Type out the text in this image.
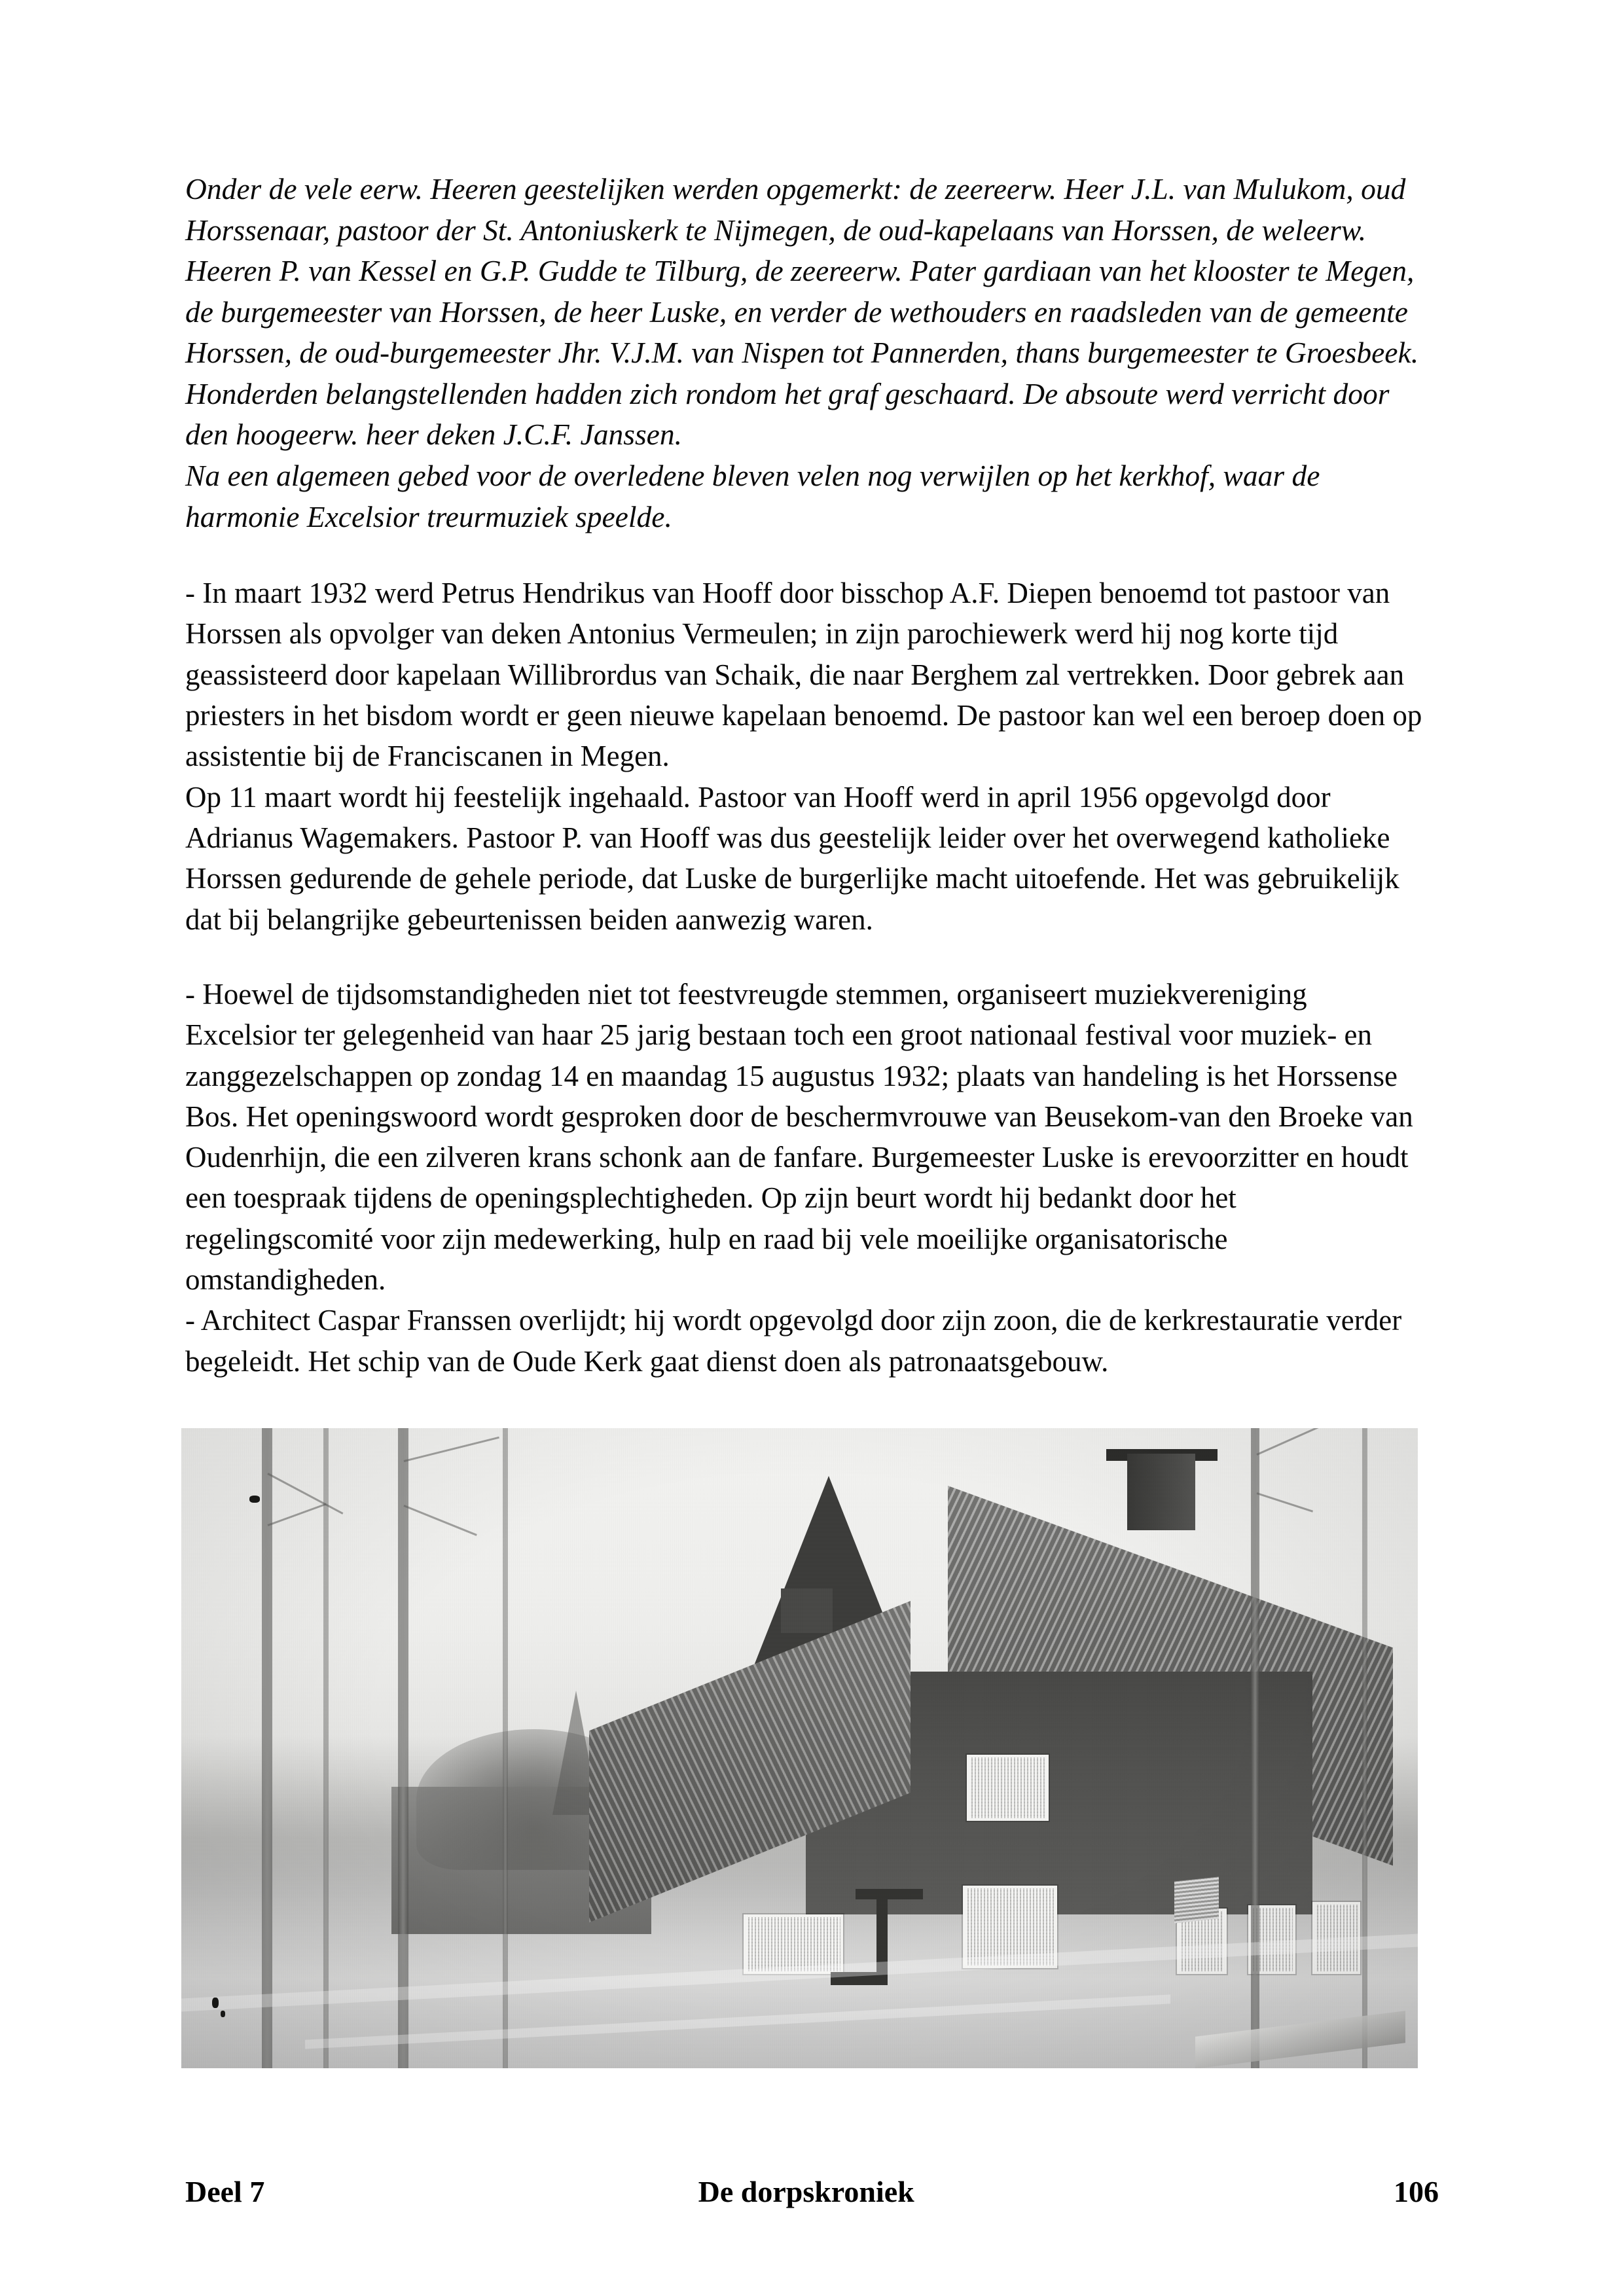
Onder de vele eerw. Heeren geestelijken werden opgemerkt: de zeereerw. Heer J.L. van Mulukom, oud Horssenaar, pastoor der St. Antoniuskerk te Nijmegen, de oud-kapelaans van Horssen, de weleerw. Heeren P. van Kessel en G.P. Gudde te Tilburg, de zeereerw. Pater gardiaan van het klooster te Megen, de burgemeester van Horssen, de heer Luske, en verder de wethouders en raadsleden van de gemeente Horssen, de oud-burgemeester Jhr. V.J.M. van Nispen tot Pannerden, thans burgemeester te Groesbeek.

Honderden belangstellenden hadden zich rondom het graf geschaard. De absoute werd verricht door den hoogeerw. heer deken J.C.F. Janssen.

Na een algemeen gebed voor de overledene bleven velen nog verwijlen op het kerkhof, waar de harmonie Excelsior treurmuziek speelde.

- In maart 1932 werd Petrus Hendrikus van Hooff door bisschop A.F. Diepen benoemd tot pastoor van Horssen als opvolger van deken Antonius Vermeulen; in zijn parochiewerk werd hij nog korte tijd geassisteerd door kapelaan Willibrordus van Schaik, die naar Berghem zal vertrekken. Door gebrek aan priesters in het bisdom wordt er geen nieuwe kapelaan benoemd. De pastoor kan wel een beroep doen op assistentie bij de Franciscanen in Megen.

Op 11 maart wordt hij feestelijk ingehaald. Pastoor van Hooff werd in april 1956 opgevolgd door Adrianus Wagemakers. Pastoor P. van Hooff was dus geestelijk leider over het overwegend katholieke Horssen gedurende de gehele periode, dat Luske de burgerlijke macht uitoefende. Het was gebruikelijk dat bij belangrijke gebeurtenissen beiden aanwezig waren.

- Hoewel de tijdsomstandigheden niet tot feestvreugde stemmen, organiseert muziekvereniging Excelsior ter gelegenheid van haar 25 jarig bestaan toch een groot nationaal festival voor muziek- en zanggezelschappen op zondag 14 en maandag 15 augustus 1932; plaats van handeling is het Horssense Bos. Het openingswoord wordt gesproken door de beschermvrouwe van Beusekom-van den Broeke van Oudenrhijn, die een zilveren krans schonk aan de fanfare. Burgemeester Luske is erevoorzitter en houdt een toespraak tijdens de openingsplechtigheden. Op zijn beurt wordt hij bedankt door het regelingscomité voor zijn medewerking, hulp en raad bij vele moeilijke organisatorische omstandigheden.

- Architect Caspar Franssen overlijdt; hij wordt opgevolgd door zijn zoon, die de kerkrestauratie verder begeleidt. Het schip van de Oude Kerk gaat dienst doen als patronaatsgebouw.

Deel 7	De dorpskroniek	106
